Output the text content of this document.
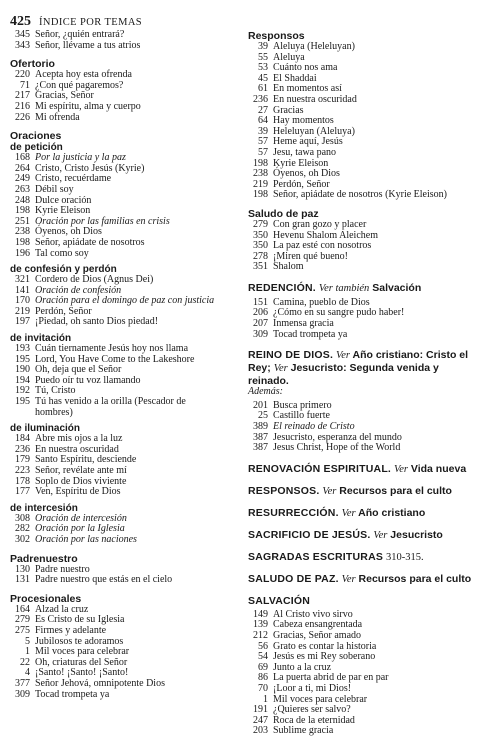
425 ÍNDICE POR TEMAS
345 Señor, ¿quién entrará?
343 Señor, llévame a tus atrios
Ofertorio
220 Acepta hoy esta ofrenda
71 ¿Con qué pagaremos?
217 Gracias, Señor
216 Mi espíritu, alma y cuerpo
226 Mi ofrenda
Oraciones
de petición
168 Por la justicia y la paz
264 Cristo, Cristo Jesús (Kyrie)
249 Cristo, recuérdame
263 Débil soy
248 Dulce oración
198 Kyrie Eleison
251 Oración por las familias en crisis
238 Óyenos, oh Dios
198 Señor, apiádate de nosotros
196 Tal como soy
de confesión y perdón
321 Cordero de Dios (Agnus Dei)
141 Oración de confesión
170 Oración para el domingo de paz con justicia
219 Perdón, Señor
197 ¡Piedad, oh santo Dios piedad!
de invitación
193 Cuán tiernamente Jesús hoy nos llama
195 Lord, You Have Come to the Lakeshore
190 Oh, deja que el Señor
194 Puedo oír tu voz llamando
192 Tú, Cristo
195 Tú has venido a la orilla (Pescador de hombres)
de iluminación
184 Abre mis ojos a la luz
236 En nuestra oscuridad
179 Santo Espíritu, desciende
223 Señor, revélate ante mí
178 Soplo de Dios viviente
177 Ven, Espíritu de Dios
de intercesión
308 Oración de intercesión
282 Oración por la Iglesia
302 Oración por las naciones
Padrenuestro
130 Padre nuestro
131 Padre nuestro que estás en el cielo
Procesionales
164 Alzad la cruz
279 Es Cristo de su Iglesia
275 Firmes y adelante
5 Jubilosos te adoramos
1 Mil voces para celebrar
22 Oh, criaturas del Señor
4 ¡Santo! ¡Santo! ¡Santo!
377 Señor Jehová, omnipotente Dios
309 Tocad trompeta ya
Responsos
39 Aleluya (Heleluyan)
55 Aleluya
53 Cuánto nos ama
45 El Shaddai
61 En momentos así
236 En nuestra oscuridad
27 Gracias
64 Hay momentos
39 Heleluyan (Aleluya)
57 Heme aquí, Jesús
57 Jesu, tawa pano
198 Kyrie Eleison
238 Óyenos, oh Dios
219 Perdón, Señor
198 Señor, apiádate de nosotros (Kyrie Eleison)
Saludo de paz
279 Con gran gozo y placer
350 Hevenu Shalom Aleichem
350 La paz esté con nosotros
278 ¡Miren qué bueno!
351 Shalom
REDENCIÓN. Ver también Salvación
151 Camina, pueblo de Dios
206 ¿Cómo en su sangre pudo haber!
207 Inmensa gracia
309 Tocad trompeta ya
REINO DE DIOS. Ver Año cristiano: Cristo el Rey; Ver Jesucristo: Segunda venida y reinado.
Además:
201 Busca primero
25 Castillo fuerte
389 El reinado de Cristo
387 Jesucristo, esperanza del mundo
387 Jesus Christ, Hope of the World
RENOVACIÓN ESPIRITUAL. Ver Vida nueva
RESPONSOS. Ver Recursos para el culto
RESURRECCIÓN. Ver Año cristiano
SACRIFICIO DE JESÚS. Ver Jesucristo
SAGRADAS ESCRITURAS 310-315.
SALUDO DE PAZ. Ver Recursos para el culto
SALVACIÓN
149 Al Cristo vivo sirvo
139 Cabeza ensangrentada
212 Gracias, Señor amado
56 Grato es contar la historia
54 Jesús es mi Rey soberano
69 Junto a la cruz
86 La puerta abrid de par en par
70 ¡Loor a ti, mi Dios!
1 Mil voces para celebrar
191 ¿Quieres ser salvo?
247 Roca de la eternidad
203 Sublime gracia
